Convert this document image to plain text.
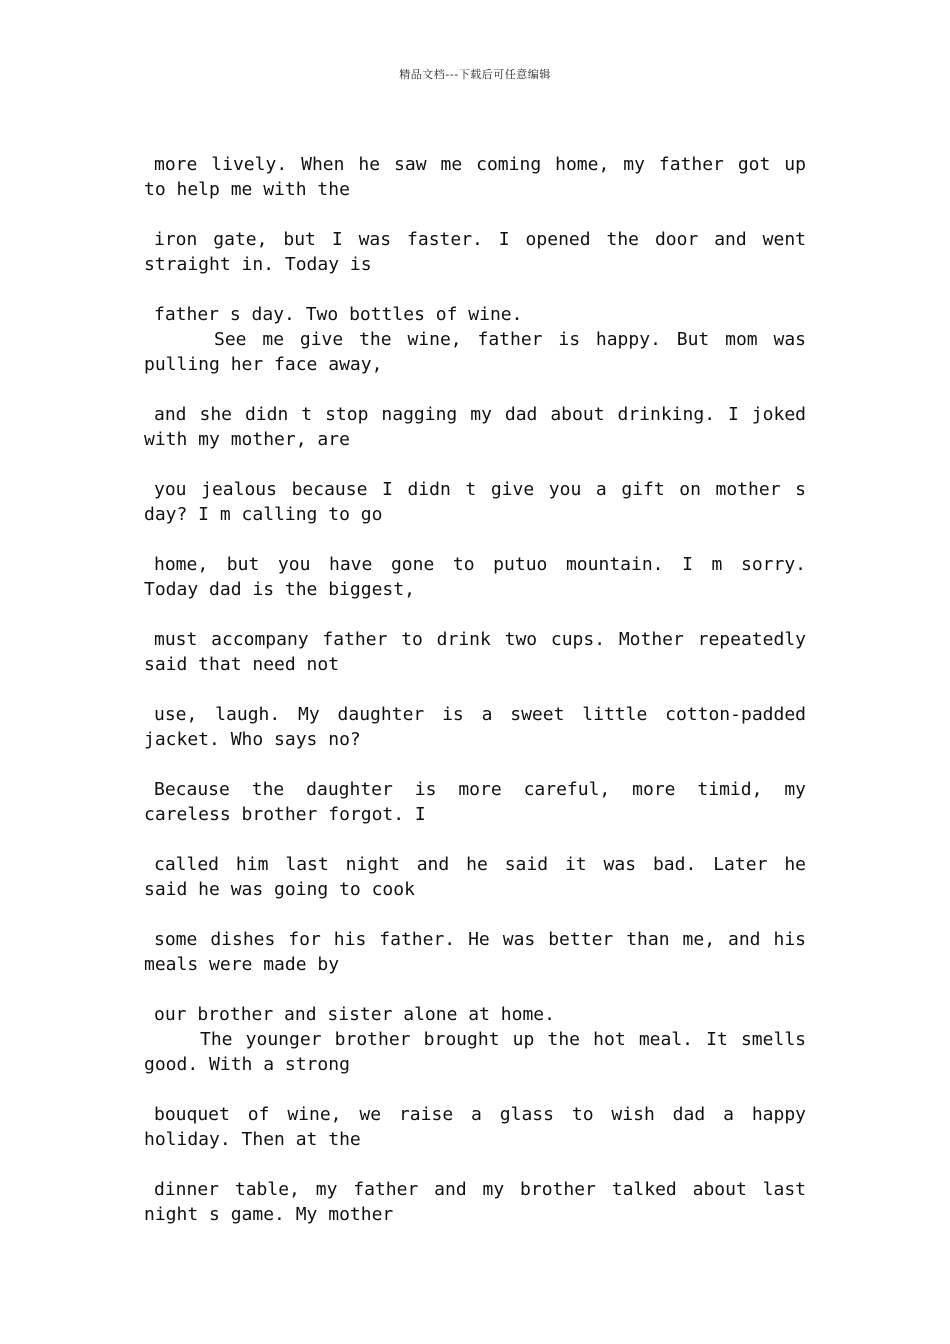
精品文档---下载后可任意编辑

more lively. When he saw me coming home, my father got up
to help me with the

iron gate, but I was faster. I opened the door and went
straight in. Today is

father s day. Two bottles of wine.

See me give the wine, father is happy. But mom was
pulling her face away,

and she didn t stop nagging my dad about drinking. I joked
with my mother, are

you jealous because I didn t give you a gift on mother s
day? I m calling to go

home, but you have gone to putuo mountain. I m sorry.
Today dad is the biggest,

must accompany father to drink two cups. Mother repeatedly
said that need not

use, laugh. My daughter is a sweet little cotton-padded
jacket. Who says no?

Because the daughter is more careful, more timid, my
careless brother forgot. I

called him last night and he said it was bad. Later he
said he was going to cook

some dishes for his father. He was better than me, and his
meals were made by

our brother and sister alone at home.

The younger brother brought up the hot meal. It smells
good. With a strong

bouquet of wine, we raise a glass to wish dad a happy
holiday. Then at the

dinner table, my father and my brother talked about last
night s game. My mother
